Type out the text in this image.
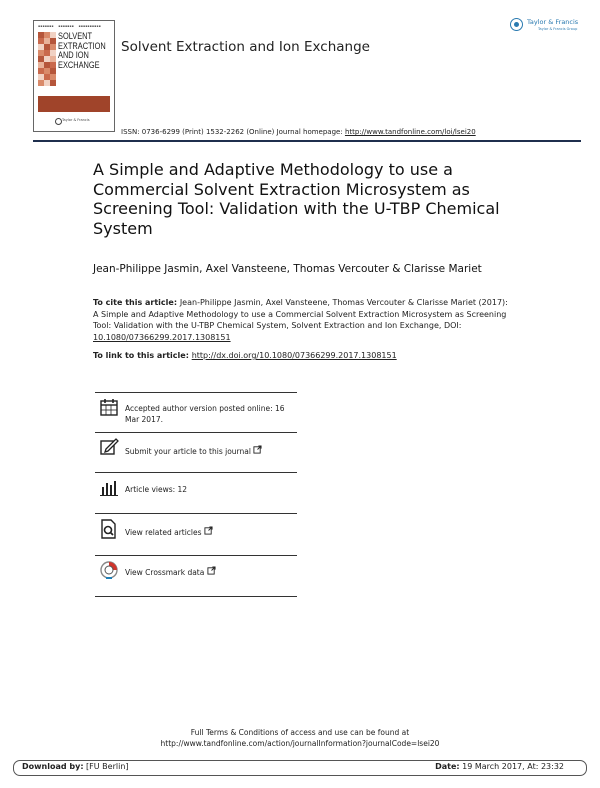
▪▪▪▪▪▪▪    ▪▪▪▪▪▪▪    ▪▪▪▪▪▪▪▪▪▪
SOLVENT EXTRACTION AND ION EXCHANGE
Taylor & Francis
Solvent Extraction and Ion Exchange
Taylor & Francis
Taylor & Francis Group
ISSN: 0736-6299 (Print) 1532-2262 (Online) Journal homepage: http://www.tandfonline.com/loi/lsei20
A Simple and Adaptive Methodology to use a Commercial Solvent Extraction Microsystem as Screening Tool: Validation with the U-TBP Chemical System
Jean-Philippe Jasmin, Axel Vansteene, Thomas Vercouter & Clarisse Mariet
To cite this article: Jean-Philippe Jasmin, Axel Vansteene, Thomas Vercouter & Clarisse Mariet (2017): A Simple and Adaptive Methodology to use a Commercial Solvent Extraction Microsystem as Screening Tool: Validation with the U-TBP Chemical System, Solvent Extraction and Ion Exchange, DOI: 10.1080/07366299.2017.1308151
To link to this article: http://dx.doi.org/10.1080/07366299.2017.1308151
Accepted author version posted online: 16 Mar 2017.
Submit your article to this journal
Article views: 12
View related articles
View Crossmark data
Full Terms & Conditions of access and use can be found at
http://www.tandfonline.com/action/journalInformation?journalCode=lsei20
Download by: [FU Berlin]	Date: 19 March 2017, At: 23:32
